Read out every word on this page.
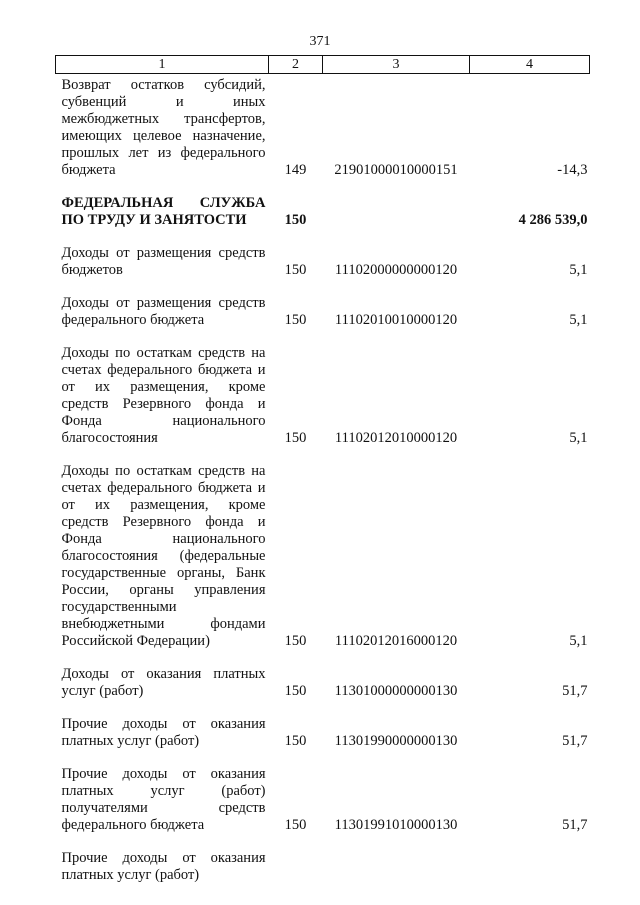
371
1	2	3	4
Возврат остатков субсидий, субвенций и иных межбюджетных трансфертов, имеющих целевое назначение, прошлых лет из федерального бюджета	149	21901000010000151	-14,3
ФЕДЕРАЛЬНАЯ СЛУЖБА ПО ТРУДУ И ЗАНЯТОСТИ	150		4 286 539,0
Доходы от размещения средств бюджетов	150	11102000000000120	5,1
Доходы от размещения средств федерального бюджета	150	11102010010000120	5,1
Доходы по остаткам средств на счетах федерального бюджета и от их размещения, кроме средств Резервного фонда и Фонда национального благосостояния	150	11102012010000120	5,1
Доходы по остаткам средств на счетах федерального бюджета и от их размещения, кроме средств Резервного фонда и Фонда национального благосостояния (федеральные государственные органы, Банк России, органы управления государственными внебюджетными фондами Российской Федерации)	150	11102012016000120	5,1
Доходы от оказания платных услуг (работ)	150	11301000000000130	51,7
Прочие доходы от оказания платных услуг (работ)	150	11301990000000130	51,7
Прочие доходы от оказания платных услуг (работ) получателями средств федерального бюджета	150	11301991010000130	51,7
Прочие доходы от оказания платных услуг (работ)			
